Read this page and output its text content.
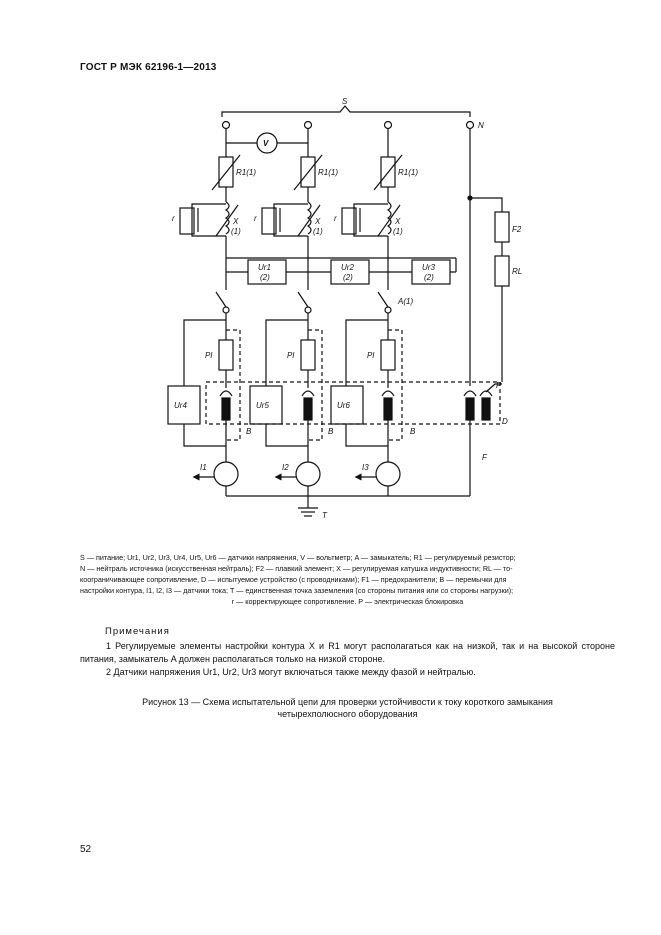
ГОСТ Р МЭК 62196-1—2013
S
N
V
R1(1)	R1(1)	R1(1)
r	r	r
X	X	X
(1)	(1)	(1)
Ur1
(2)
Ur2
(2)
Ur3
(2)
A(1)
Pl	Pl	Pl
Ur4	Ur5	Ur6
B	B	B
F2
RL
P
D
F
I1	I2	I3
T

S — питание; Ur1, Ur2, Ur3, Ur4, Ur5, Ur6 — датчики напряжения, V — вольтметр; A — замыкатель; R1 — регулируемый резистор;

N — нейтраль источника (искусственная нейтраль); F2 — плавкий элемент; X — регулируемая катушка индуктивности; RL — то-

коограничивающее сопротивление, D — испытуемое устройство (с проводниками); F1 — предохранители; B — перемычки для

настройки контура, I1, I2, I3 — датчики тока; T — единственная точка заземления (со стороны питания или со стороны нагрузки);

r — корректирующее сопротивление. P — электрическая блокировка

Примечания
1 Регулируемые элементы настройки контура X и R1 могут располагаться как на низкой, так и на высокой стороне питания, замыкатель A должен располагаться только на низкой стороне.
2 Датчики напряжения Ur1, Ur2, Ur3 могут включаться также между фазой и нейтралью.
Рисунок 13 — Схема испытательной цепи для проверки устойчивости к току короткого замыкания
четырехполюсного оборудования
52
